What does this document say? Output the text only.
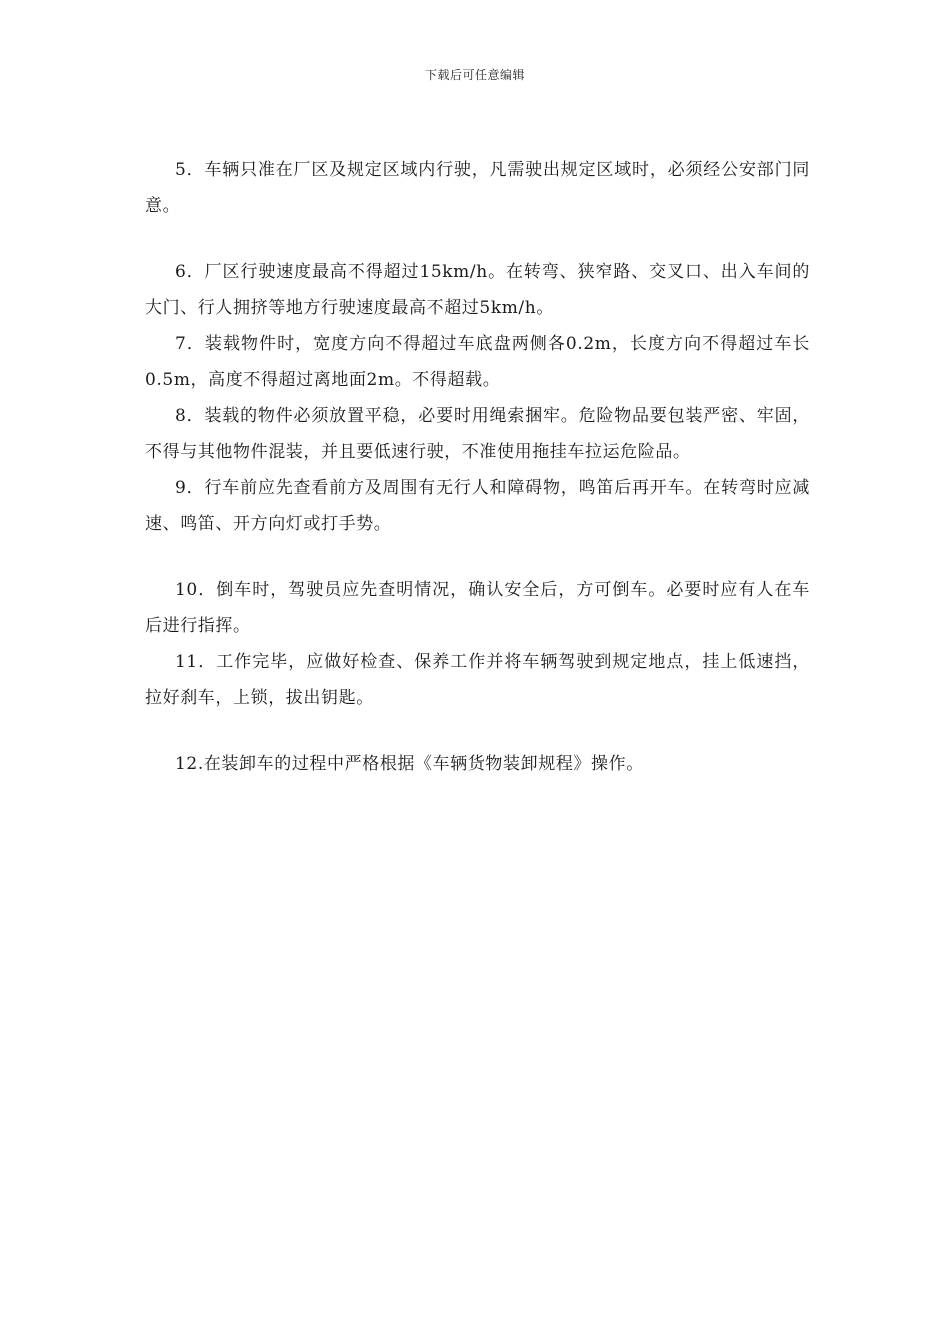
下载后可任意编辑

5．车辆只准在厂区及规定区域内行驶，凡需驶出规定区域时，必须经公安部门同意。

6．厂区行驶速度最高不得超过15km/h。在转弯、狭窄路、交叉口、出入车间的大门、行人拥挤等地方行驶速度最高不超过5km/h。

7．装载物件时，宽度方向不得超过车底盘两侧各0.2m，长度方向不得超过车长0.5m，高度不得超过离地面2m。不得超载。

8．装载的物件必须放置平稳，必要时用绳索捆牢。危险物品要包装严密、牢固，不得与其他物件混装，并且要低速行驶，不准使用拖挂车拉运危险品。

9．行车前应先查看前方及周围有无行人和障碍物，鸣笛后再开车。在转弯时应减速、鸣笛、开方向灯或打手势。

10．倒车时，驾驶员应先查明情况，确认安全后，方可倒车。必要时应有人在车后进行指挥。

11．工作完毕，应做好检查、保养工作并将车辆驾驶到规定地点，挂上低速挡，拉好刹车，上锁，拔出钥匙。

12.在装卸车的过程中严格根据《车辆货物装卸规程》操作。
